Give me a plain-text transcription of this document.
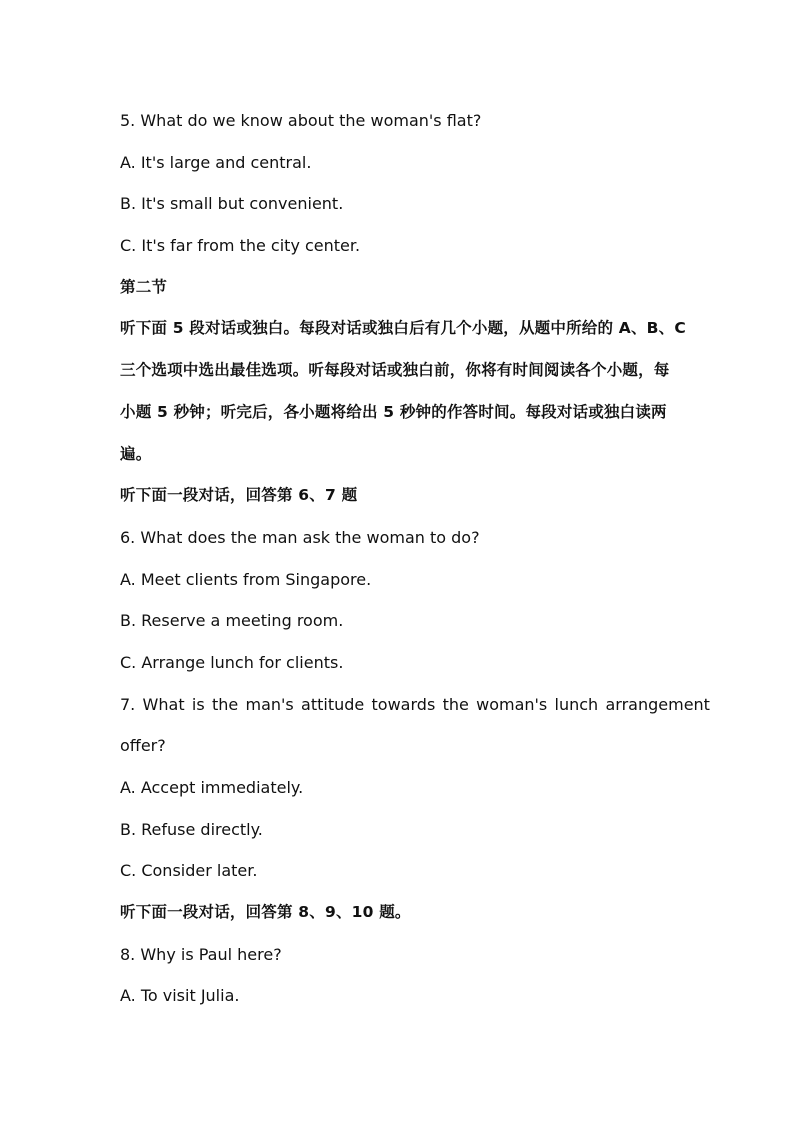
5. What do we know about the woman's flat?

A. It's large and central.

B. It's small but convenient.

C. It's far from the city center.

第二节

听下面 5 段对话或独白。每段对话或独白后有几个小题，从题中所给的 A、B、C

三个选项中选出最佳选项。听每段对话或独白前，你将有时间阅读各个小题，每

小题 5 秒钟；听完后，各小题将给出 5 秒钟的作答时间。每段对话或独白读两

遍。

听下面一段对话，回答第 6、7 题

6. What does the man ask the woman to do?

A. Meet clients from Singapore.

B. Reserve a meeting room.

C. Arrange lunch for clients.

7. What is the man's attitude towards the woman's lunch arrangement

offer?

A. Accept immediately.

B. Refuse directly.

C. Consider later.

听下面一段对话，回答第 8、9、10 题。

8. Why is Paul here?

A. To visit Julia.
